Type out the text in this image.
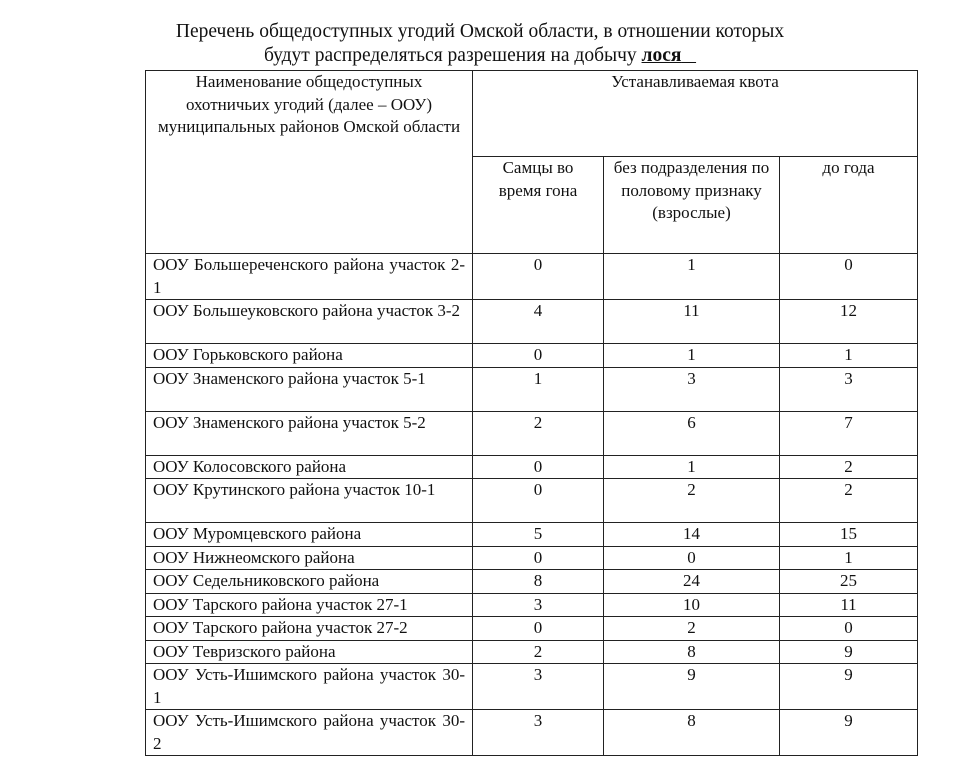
Перечень общедоступных угодий Омской области, в отношении которых
будут распределяться разрешения на добычу лося
Наименование общедоступных охотничьих угодий (далее – ООУ) муниципальных районов Омской области	Устанавливаемая квота		
	Самцы во время гона	без подразделения по половому признаку (взрослые)	до года
ООУ Большереченского района участок 2-1	0	1	0
ООУ Большеуковского района участок 3-2	4	11	12
ООУ Горьковского района	0	1	1
ООУ Знаменского района участок 5-1	1	3	3
ООУ Знаменского района участок 5-2	2	6	7
ООУ Колосовского района	0	1	2
ООУ Крутинского района участок 10-1	0	2	2
ООУ Муромцевского района	5	14	15
ООУ Нижнеомского района	0	0	1
ООУ Седельниковского района	8	24	25
ООУ Тарского района участок 27-1	3	10	11
ООУ Тарского района участок 27-2	0	2	0
ООУ Тевризского района	2	8	9
ООУ Усть-Ишимского района участок 30-1	3	9	9
ООУ Усть-Ишимского района участок 30-2	3	8	9
